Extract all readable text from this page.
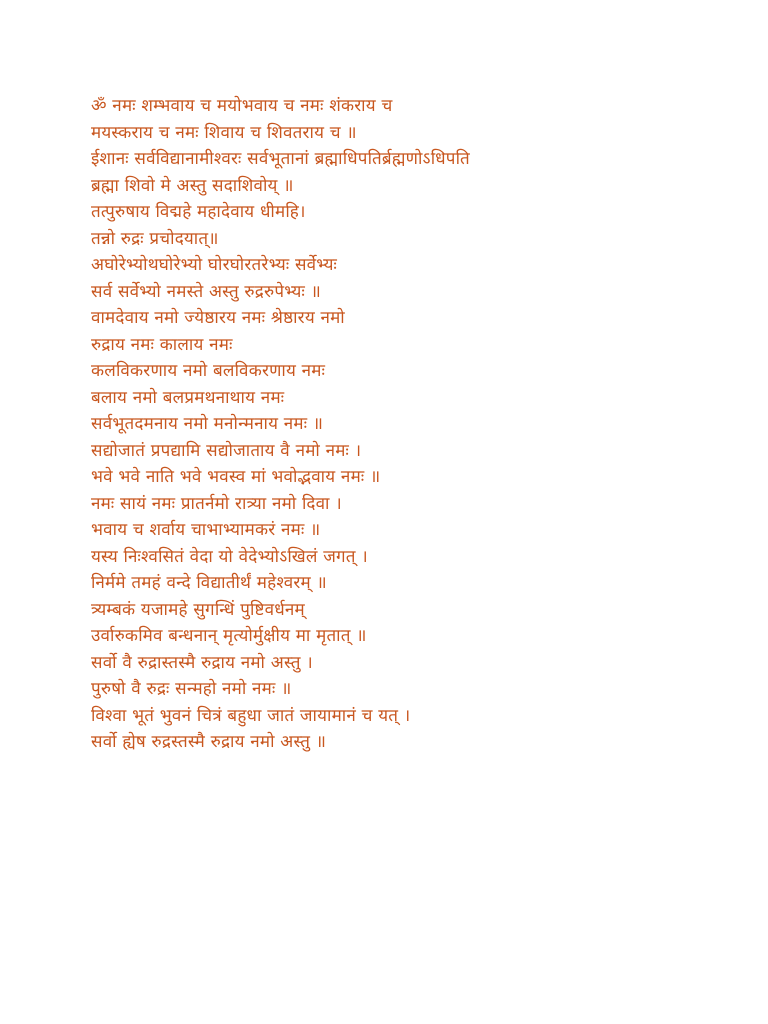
ॐ नमः शम्भवाय च मयोभवाय च नमः शंकराय च
मयस्कराय च नमः शिवाय च शिवतराय च ॥
ईशानः सर्वविद्यानामीश्वरः सर्वभूतानां ब्रह्माधिपतिर्ब्रह्मणोऽधिपति
ब्रह्मा शिवो मे अस्तु सदाशिवोय् ॥
तत्पुरुषाय विद्महे महादेवाय धीमहि।
तन्नो रुद्रः प्रचोदयात्॥
अघोरेभ्योथघोरेभ्यो घोरघोरतरेभ्यः सर्वेभ्यः
सर्व सर्वेभ्यो नमस्ते अस्तु रुद्ररुपेभ्यः ॥
वामदेवाय नमो ज्येष्ठारय नमः श्रेष्ठारय नमो
रुद्राय नमः कालाय नमः
कलविकरणाय नमो बलविकरणाय नमः
बलाय नमो बलप्रमथनाथाय नमः
सर्वभूतदमनाय नमो मनोन्मनाय नमः ॥
सद्योजातं प्रपद्यामि सद्योजाताय वै नमो नमः ।
भवे भवे नाति भवे भवस्व मां भवोद्भवाय नमः ॥
नमः सायं नमः प्रातर्नमो रात्र्या नमो दिवा ।
भवाय च शर्वाय चाभाभ्यामकरं नमः ॥
यस्य निःश्वसितं वेदा यो वेदेभ्योऽखिलं जगत् ।
निर्ममे तमहं वन्दे विद्यातीर्थं महेश्वरम् ॥
त्र्यम्बकं यजामहे सुगन्धिं पुष्टिवर्धनम्
उर्वारुकमिव बन्धनान् मृत्योर्मुक्षीय मा मृतात् ॥
सर्वो वै रुद्रास्तस्मै रुद्राय नमो अस्तु ।
पुरुषो वै रुद्रः सन्महो नमो नमः ॥
विश्वा भूतं भुवनं चित्रं बहुधा जातं जायामानं च यत् ।
सर्वो ह्येष रुद्रस्तस्मै रुद्राय नमो अस्तु ॥
